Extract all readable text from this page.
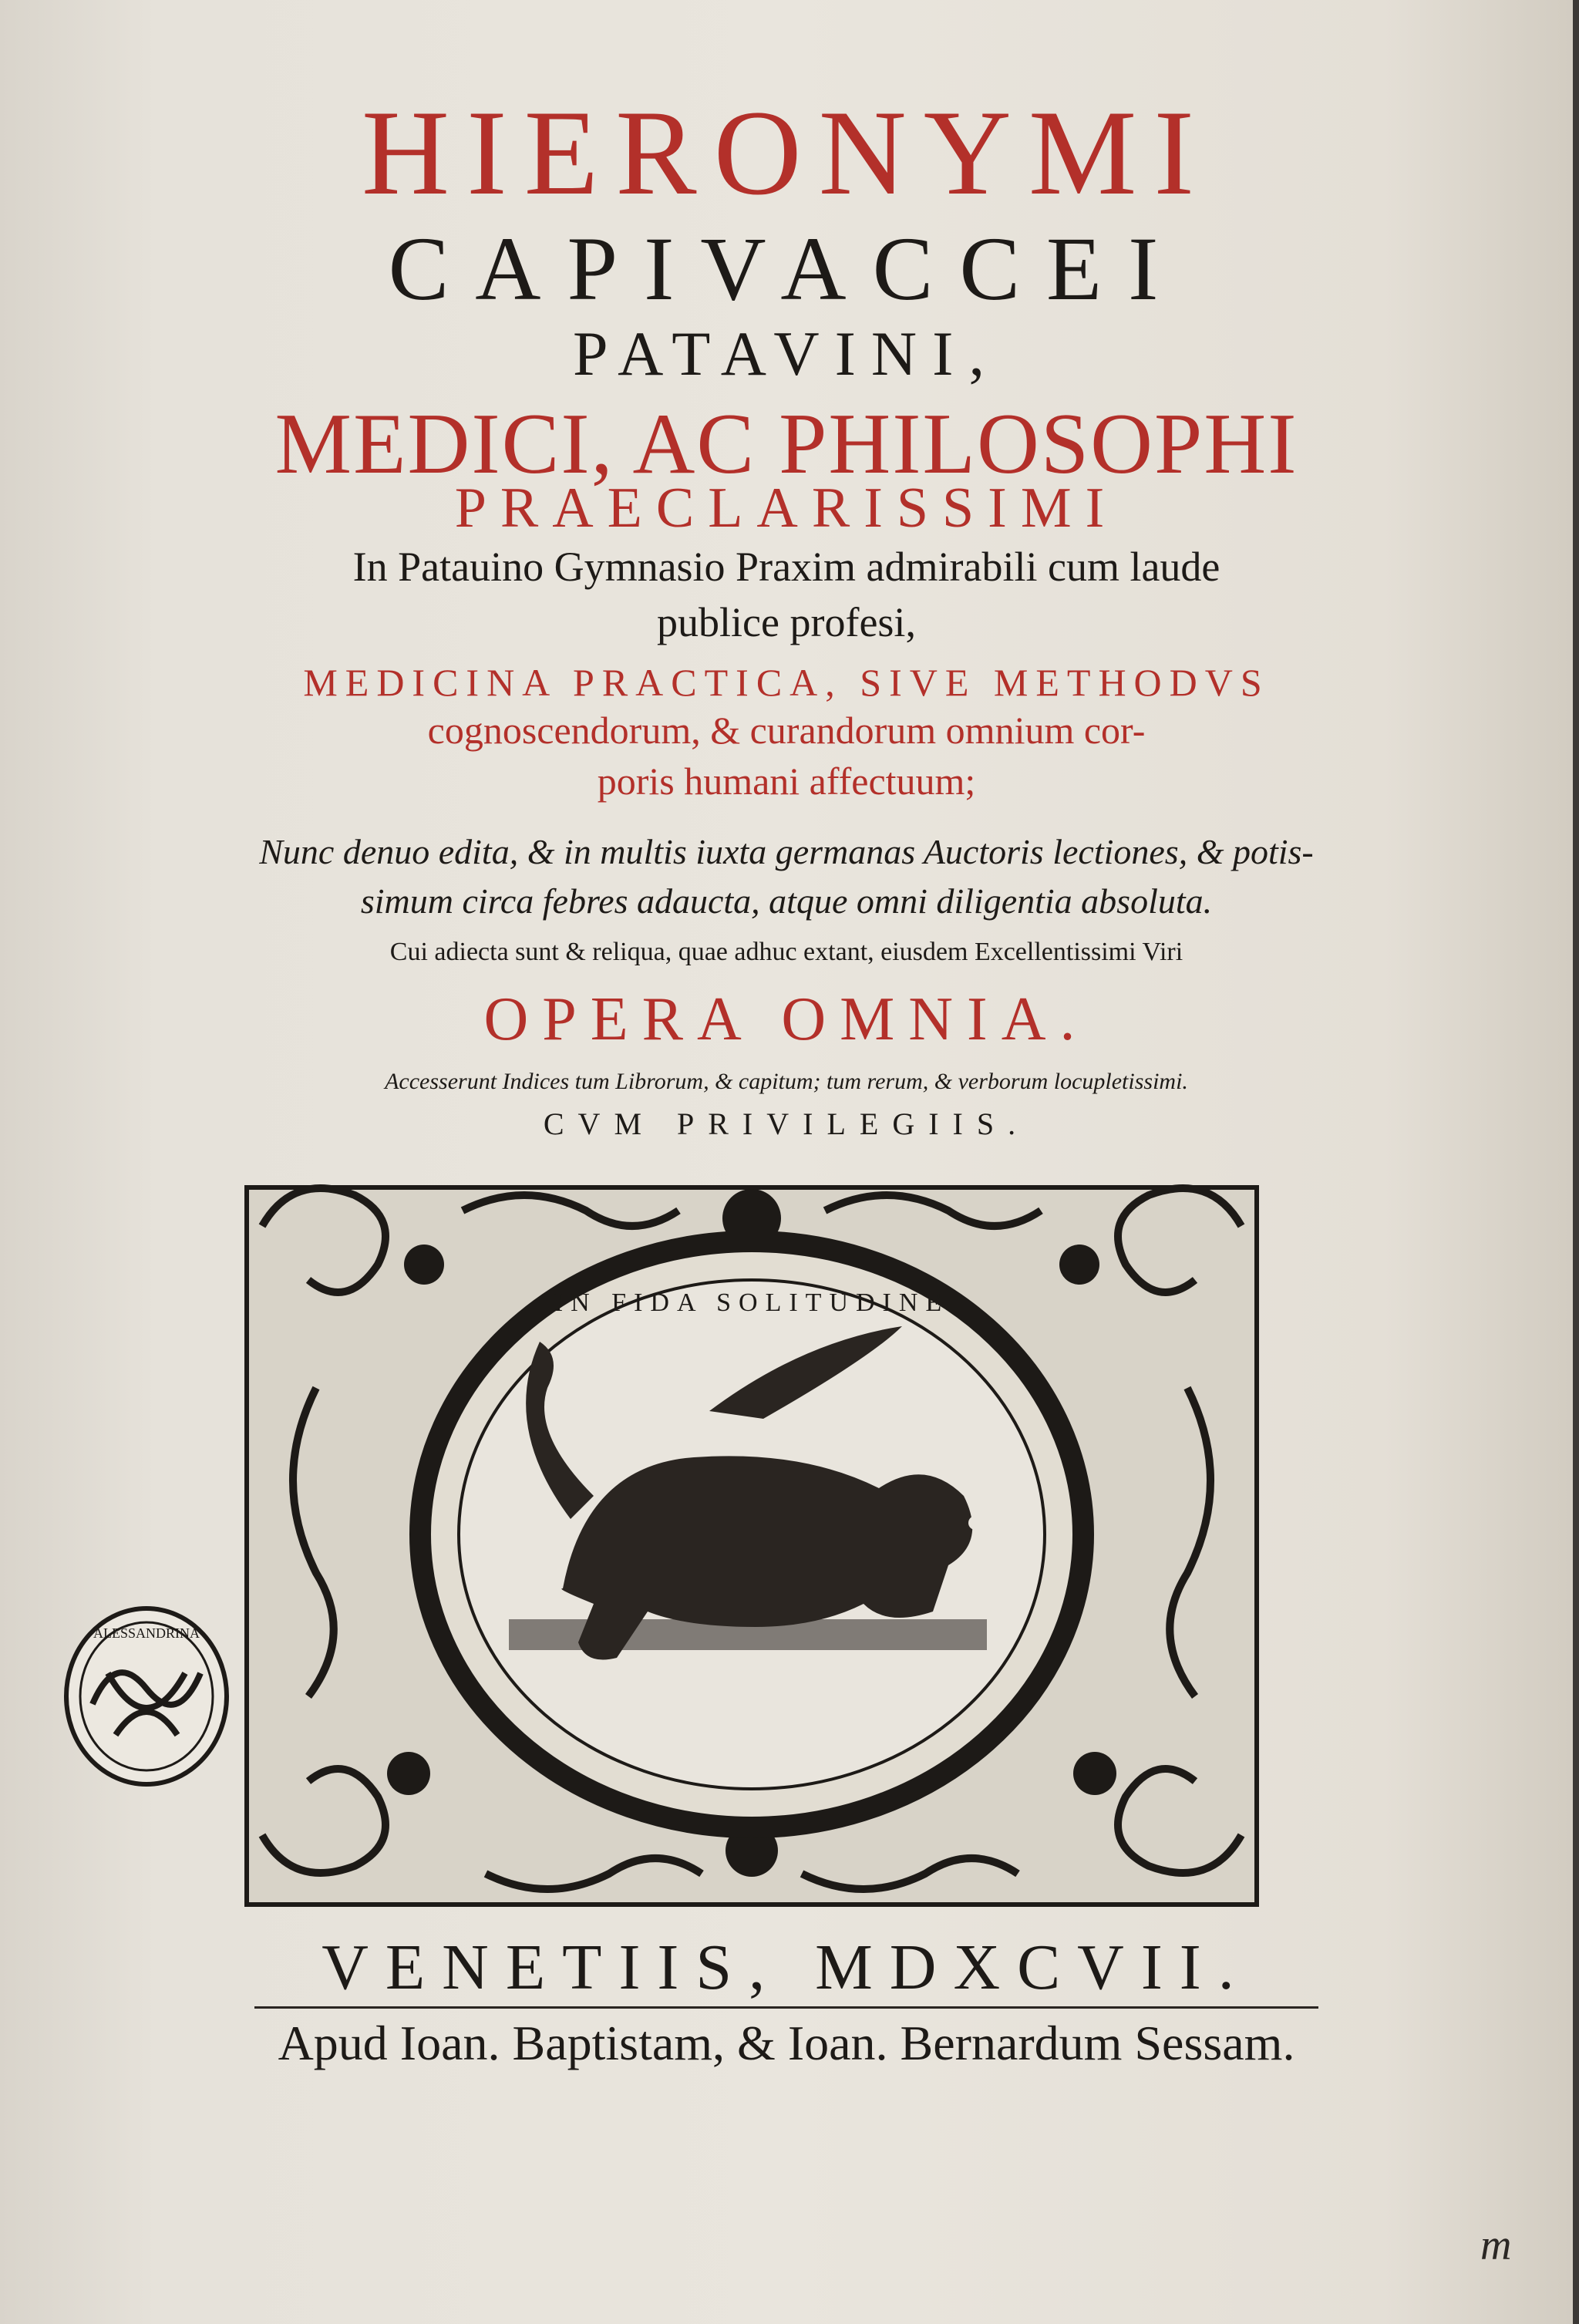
HIERONYMI
CAPIVACCEI
PATAVINI,
MEDICI, AC PHILOSOPHI
PRAECLARISSIMI
In Patauino Gymnasio Praxim admirabili cum laude
publice profesi,
MEDICINA PRACTICA, SIVE METHODVS
cognoscendorum, & curandorum omnium cor-
poris humani affectuum;
Nunc denuo edita, & in multis iuxta germanas Auctoris lectiones, & potis-
simum circa febres adaucta, atque omni diligentia absoluta.
Cui adiecta sunt & reliqua, quae adhuc extant, eiusdem Excellentissimi Viri
OPERA OMNIA.
Accesserunt Indices tum Librorum, & capitum; tum rerum, & verborum locupletissimi.
CVM PRIVILEGIIS.
IN FIDA SOLITUDINE
ALESSANDRINA
VENETIIS, MDXCVII.
Apud Ioan. Baptistam, & Ioan. Bernardum Sessam.
m
